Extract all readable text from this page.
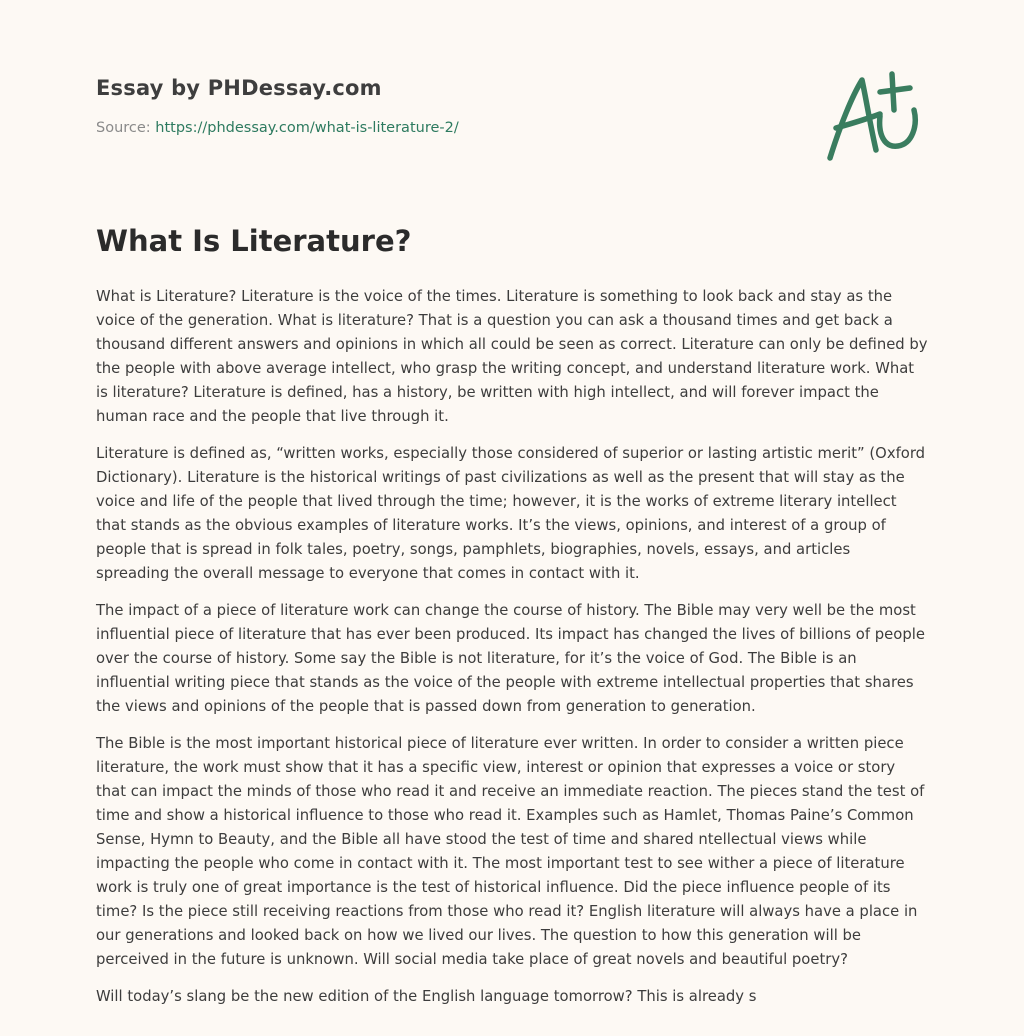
Essay by PHDessay.com
Source: https://phdessay.com/what-is-literature-2/
What Is Literature?

What is Literature? Literature is the voice of the times. Literature is something to look back and stay as the voice of the generation. What is literature? That is a question you can ask a thousand times and get back a thousand different answers and opinions in which all could be seen as correct. Literature can only be defined by the people with above average intellect, who grasp the writing concept, and understand literature work. What is literature? Literature is defined, has a history, be written with high intellect, and will forever impact the human race and the people that live through it.

Literature is defined as, “written works, especially those considered of superior or lasting artistic merit” (Oxford Dictionary). Literature is the historical writings of past civilizations as well as the present that will stay as the voice and life of the people that lived through the time; however, it is the works of extreme literary intellect that stands as the obvious examples of literature works. It’s the views, opinions, and interest of a group of people that is spread in folk tales, poetry, songs, pamphlets, biographies, novels, essays, and articles spreading the overall message to everyone that comes in contact with it.

The impact of a piece of literature work can change the course of history. The Bible may very well be the most influential piece of literature that has ever been produced. Its impact has changed the lives of billions of people over the course of history. Some say the Bible is not literature, for it’s the voice of God. The Bible is an influential writing piece that stands as the voice of the people with extreme intellectual properties that shares the views and opinions of the people that is passed down from generation to generation.

The Bible is the most important historical piece of literature ever written. In order to consider a written piece literature, the work must show that it has a specific view, interest or opinion that expresses a voice or story that can impact the minds of those who read it and receive an immediate reaction. The pieces stand the test of time and show a historical influence to those who read it. Examples such as Hamlet, Thomas Paine’s Common Sense, Hymn to Beauty, and the Bible all have stood the test of time and shared ntellectual views while impacting the people who come in contact with it. The most important test to see wither a piece of literature work is truly one of great importance is the test of historical influence. Did the piece influence people of its time? Is the piece still receiving reactions from those who read it? English literature will always have a place in our generations and looked back on how we lived our lives. The question to how this generation will be perceived in the future is unknown. Will social media take place of great novels and beautiful poetry?

Will today’s slang be the new edition of the English language tomorrow? This is already s
